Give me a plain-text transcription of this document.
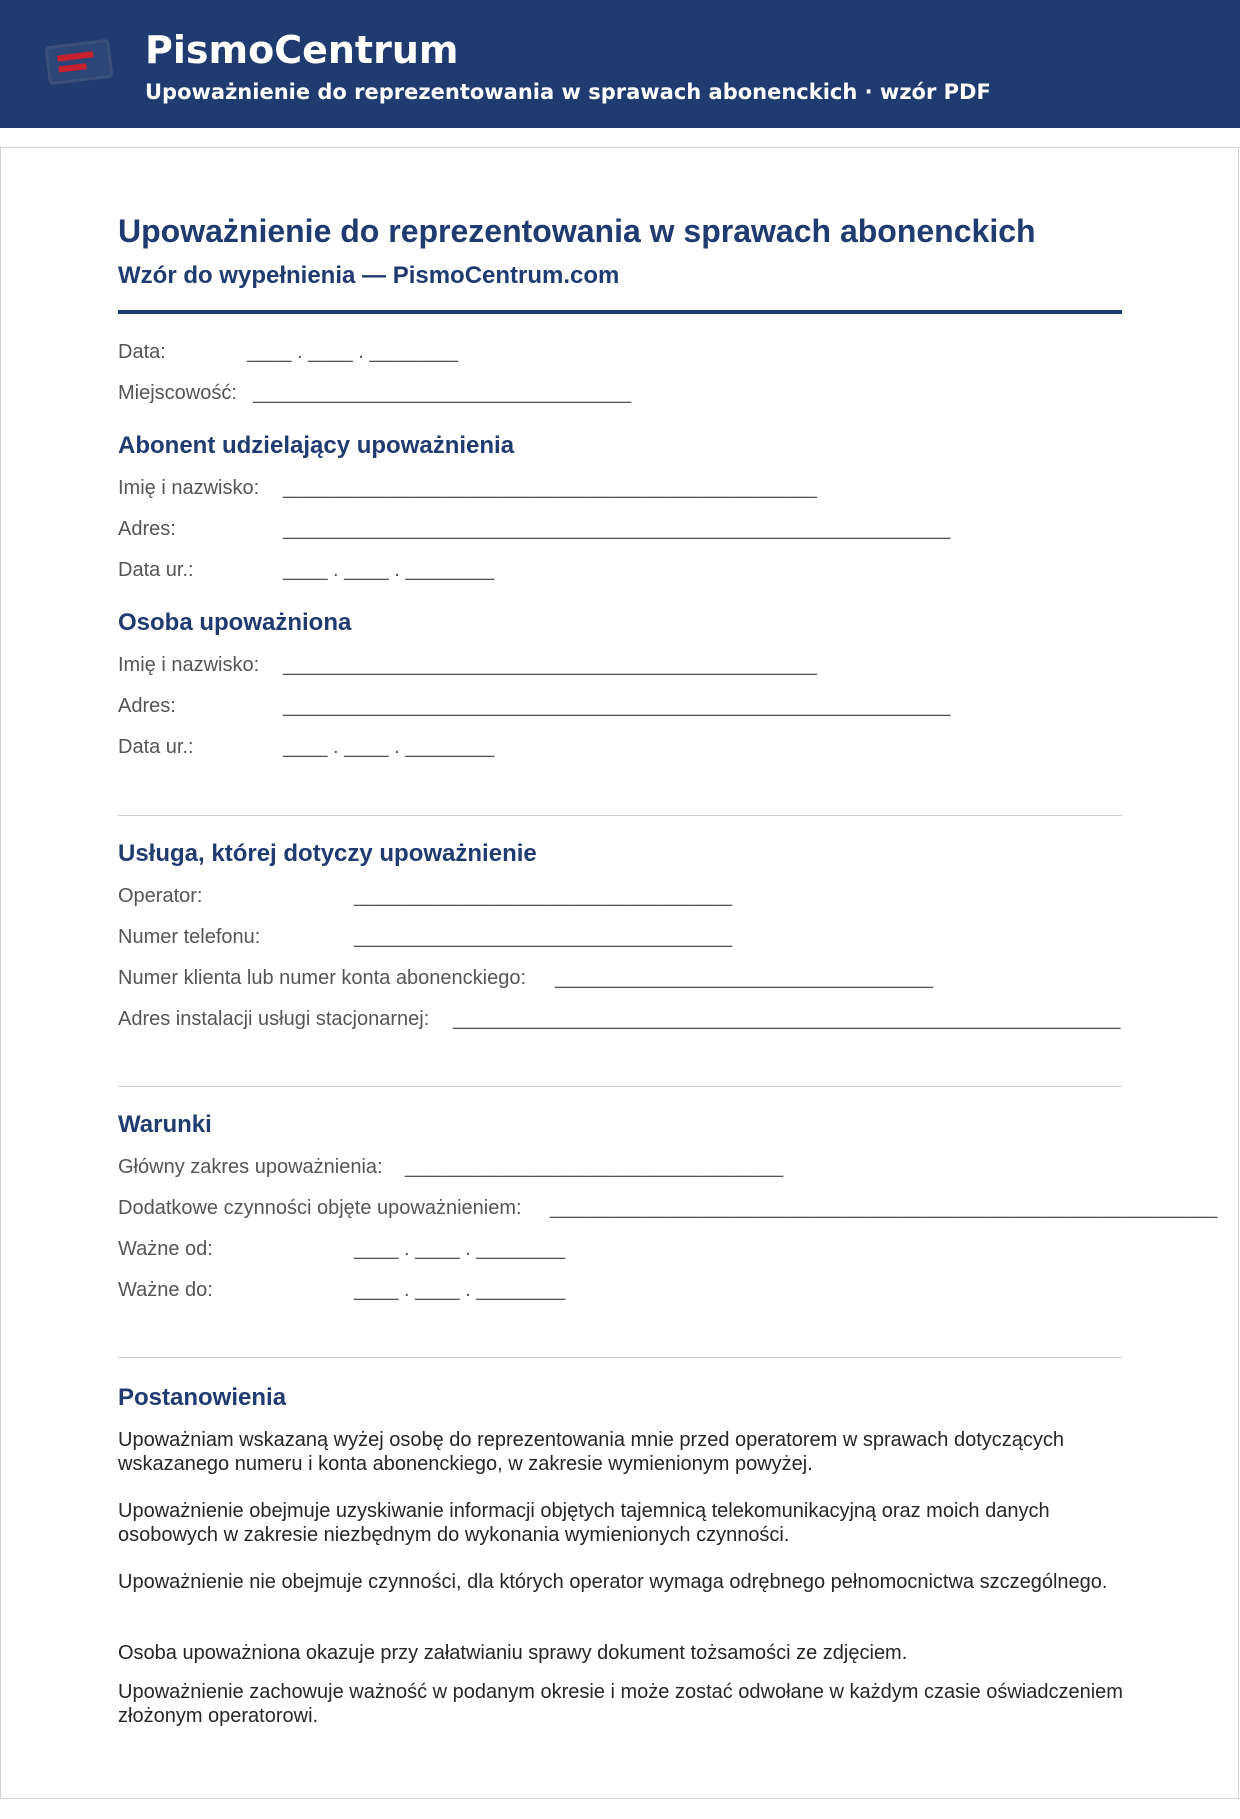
PismoCentrum
Upoważnienie do reprezentowania w sprawach abonenckich · wzór PDF
Upoważnienie do reprezentowania w sprawach abonenckich
Wzór do wypełnienia — PismoCentrum.com
Data:	____ . ____ . ________
Miejscowość: __________________________________
Abonent udzielający upoważnienia
Imię i nazwisko: ________________________________________________
Adres:	____________________________________________________________
Data ur.:	____ . ____ . ________
Osoba upoważniona
Imię i nazwisko: ________________________________________________
Adres:	____________________________________________________________
Data ur.:	____ . ____ . ________
Usługa, której dotyczy upoważnienie
Operator:	__________________________________
Numer telefonu:	__________________________________
Numer klienta lub numer konta abonenckiego: __________________________________
Adres instalacji usługi stacjonarnej: ____________________________________________________________
Warunki
Główny zakres upoważnienia: __________________________________
Dodatkowe czynności objęte upoważnieniem: ____________________________________________________________
Ważne od:	____ . ____ . ________
Ważne do:	____ . ____ . ________
Postanowienia
Upoważniam wskazaną wyżej osobę do reprezentowania mnie przed operatorem w sprawach dotyczących wskazanego numeru i konta abonenckiego, w zakresie wymienionym powyżej.
Upoważnienie obejmuje uzyskiwanie informacji objętych tajemnicą telekomunikacyjną oraz moich danych osobowych w zakresie niezbędnym do wykonania wymienionych czynności.
Upoważnienie nie obejmuje czynności, dla których operator wymaga odrębnego pełnomocnictwa szczególnego.
Osoba upoważniona okazuje przy załatwianiu sprawy dokument tożsamości ze zdjęciem.
Upoważnienie zachowuje ważność w podanym okresie i może zostać odwołane w każdym czasie oświadczeniem złożonym operatorowi.
